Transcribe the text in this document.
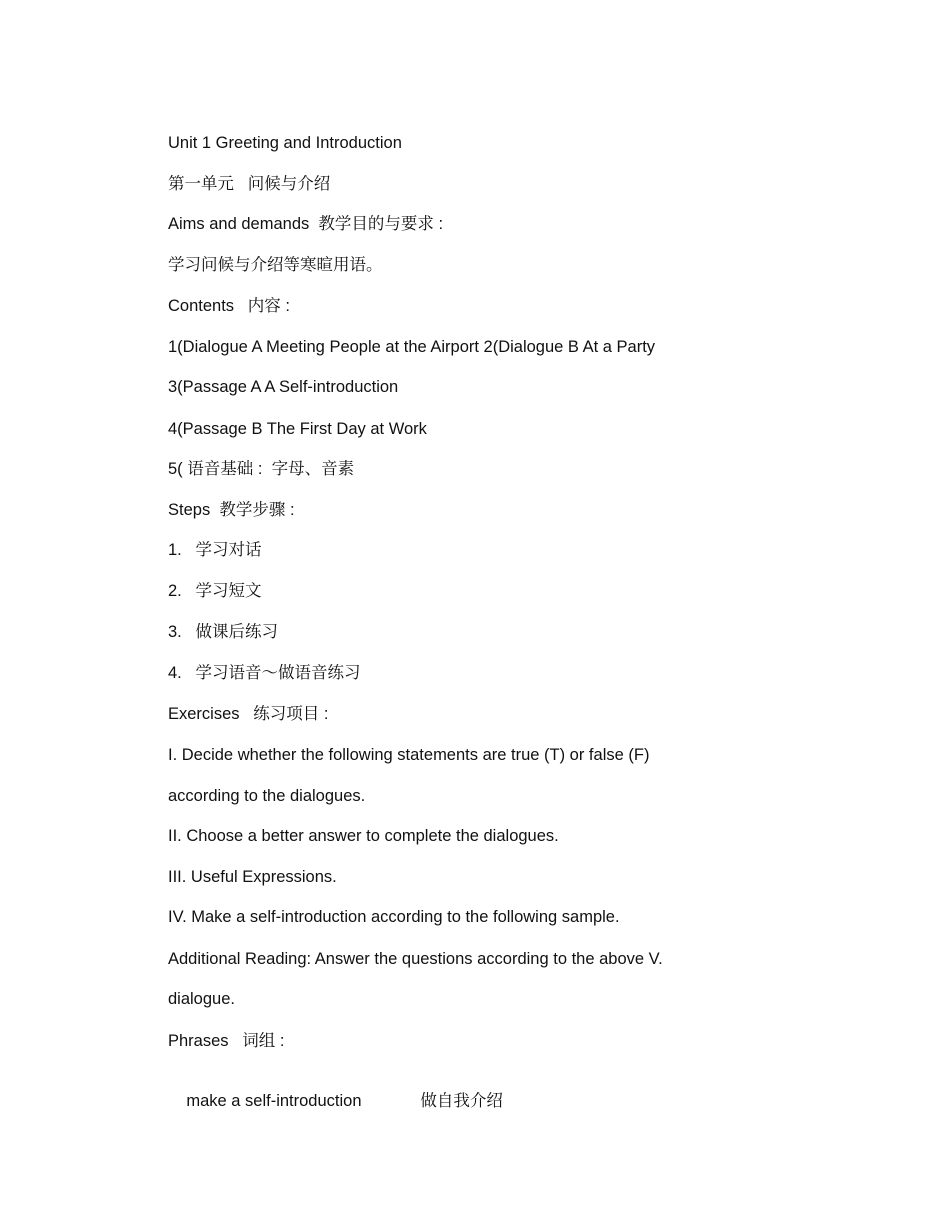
Unit 1 Greeting and Introduction
第一单元   问候与介绍
Aims and demands  教学目的与要求 :
学习问候与介绍等寒暄用语。
Contents   内容 :
1(Dialogue A Meeting People at the Airport 2(Dialogue B At a Party
3(Passage A A Self-introduction
4(Passage B The First Day at Work
5( 语音基础 :  字母、音素
Steps  教学步骤 :
1.   学习对话
2.   学习短文
3.   做课后练习
4.   学习语音～做语音练习
Exercises   练习项目 :
I. Decide whether the following statements are true (T) or false (F)
according to the dialogues.
II. Choose a better answer to complete the dialogues.
III. Useful Expressions.
IV. Make a self-introduction according to the following sample.
Additional Reading: Answer the questions according to the above V.
dialogue.
Phrases   词组 :

make a self-introduction	做自我介绍
